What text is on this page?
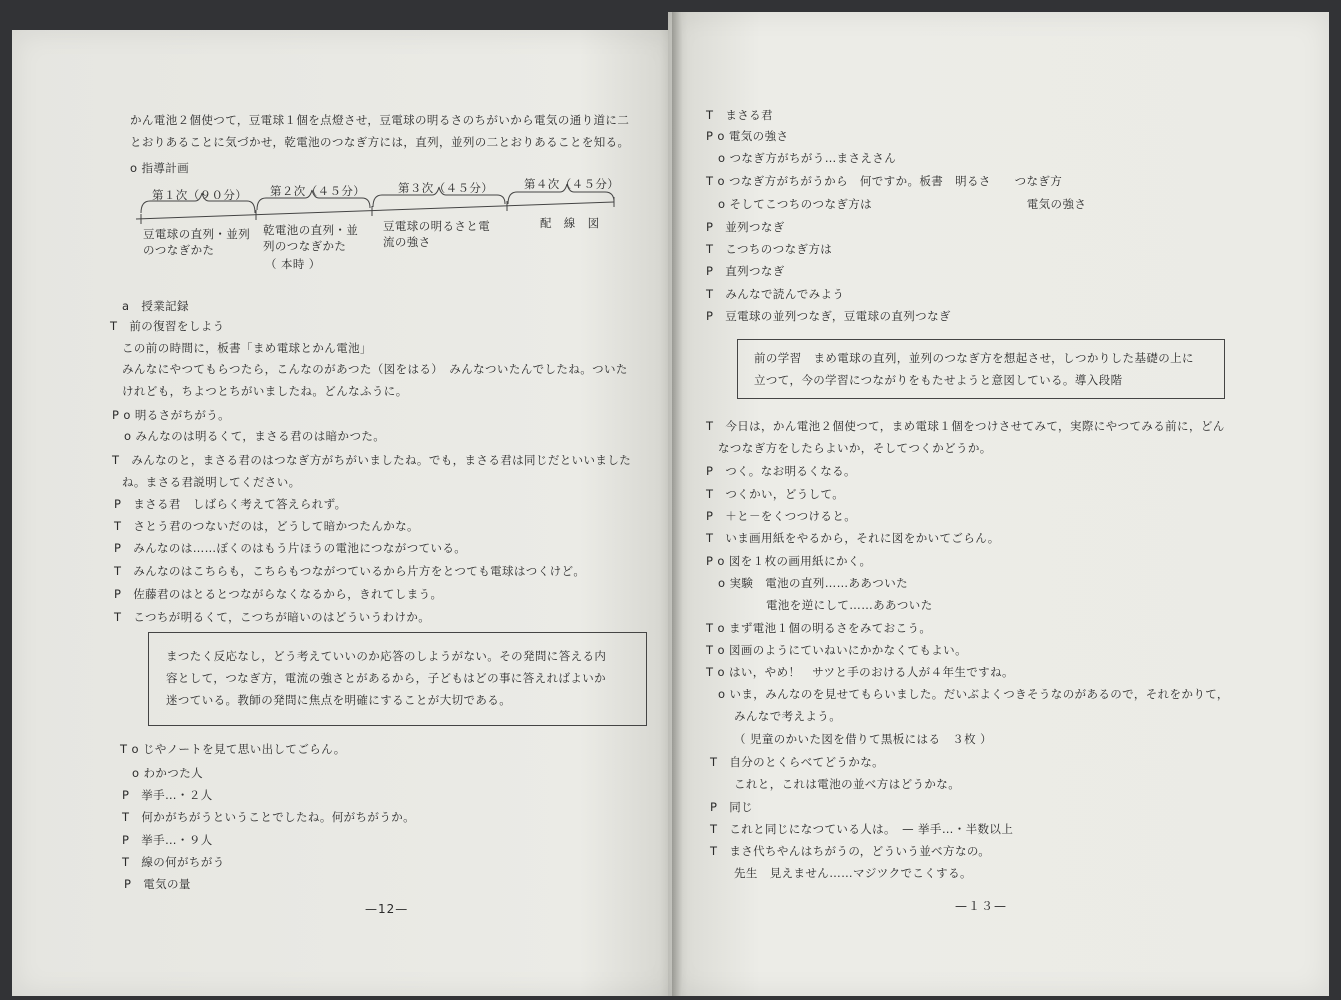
かん電池２個使つて，豆電球１個を点燈させ，豆電球の明るさのちがいから電気の通り道に二
とおりあることに気づかせ，乾電池のつなぎ方には，直列，並列の二とおりあることを知る。
o 指導計画
第１次（９０分） 第２次（４５分）	第３次（４５分）	第４次（４５分）
豆電球の直列・並列
のつなぎかた
乾電池の直列・並
列のつなぎかた
（ 本時 ）
豆電球の明るさと電
流の強さ
配　線　図
a　授業記録
T　前の復習をしよう
この前の時間に，板書「まめ電球とかん電池」
みんなにやつてもらつたら，こんなのがあつた（図をはる）　みんなついたんでしたね。ついた
けれども，ちよつとちがいましたね。どんなふうに。
P o 明るさがちがう。
o みんなのは明るくて，まさる君のは暗かつた。
T　みんなのと，まさる君のはつなぎ方がちがいましたね。でも，まさる君は同じだといいました
ね。まさる君説明してください。
P　まさる君　しばらく考えて答えられず。
T　さとう君のつないだのは，どうして暗かつたんかな。
P　みんなのは……ぼくのはもう片ほうの電池につながつている。
T　みんなのはこちらも，こちらもつながつているから片方をとつても電球はつくけど。
P　佐藤君のはとるとつながらなくなるから，きれてしまう。
T　こつちが明るくて，こつちが暗いのはどういうわけか。
まつたく反応なし，どう考えていいのか応答のしようがない。その発問に答える内
容として，つなぎ方，電流の強さとがあるから，子どもはどの事に答えればよいか
迷つている。教師の発問に焦点を明確にすることが大切である。
T o じやノートを見て思い出してごらん。
o わかつた人
P　挙手…・２人
T　何かがちがうということでしたね。何がちがうか。
P　挙手…・９人
T　線の何がちがう
P　電気の量
—12—
T　まさる君
P o 電気の強さ
o つなぎ方がちがう…まさえさん
T o つなぎ方がちがうから　何ですか。板書　明るさ　　つなぎ方
o そしてこつちのつなぎ方は　　　　　　　　　　　　　電気の強さ
P　並列つなぎ
T　こつちのつなぎ方は
P　直列つなぎ
T　みんなで読んでみよう
P　豆電球の並列つなぎ，豆電球の直列つなぎ
前の学習　まめ電球の直列，並列のつなぎ方を想起させ，しつかりした基礎の上に
立つて，今の学習につながりをもたせようと意図している。導入段階
T　今日は，かん電池２個使つて，まめ電球１個をつけさせてみて，実際にやつてみる前に，どん
なつなぎ方をしたらよいか，そしてつくかどうか。
P　つく。なお明るくなる。
T　つくかい，どうして。
P　＋と－をくつつけると。
T　いま画用紙をやるから，それに図をかいてごらん。
P o 図を１枚の画用紙にかく。
o 実験　電池の直列……ああついた
電池を逆にして……ああついた
T o まず電池１個の明るさをみておこう。
T o 図画のようにていねいにかかなくてもよい。
T o はい，やめ！　サツと手のおける人が４年生ですね。
o いま，みんなのを見せてもらいました。だいぶよくつきそうなのがあるので，それをかりて，
みんなで考えよう。
（ 児童のかいた図を借りて黒板にはる　３枚 ）
T　自分のとくらべてどうかな。
これと，これは電池の並べ方はどうかな。
P　同じ
T　これと同じになつている人は。　— 挙手…・半数以上
T　まさ代ちやんはちがうの，どういう並べ方なの。
先生　見えません……マジツクでこくする。
—１３—
